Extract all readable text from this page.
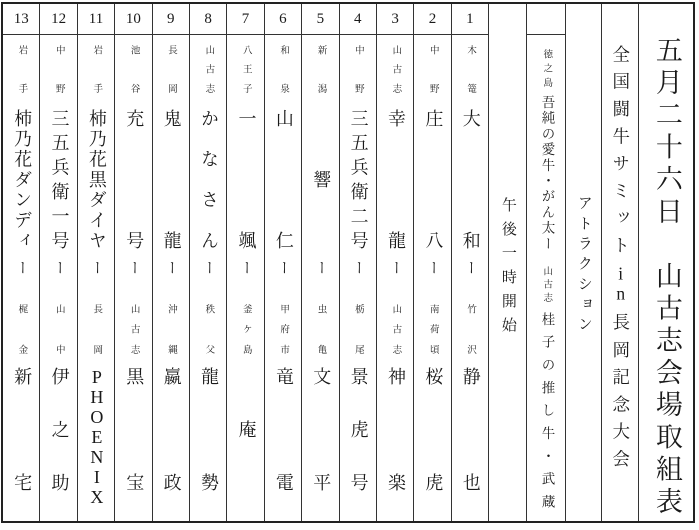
13
岩手
柿乃花ダンディ
ー
梶金
新宅
12
中野
三五兵衛一号
ー
山中
伊之助
11
岩手
柿乃花黒ダイヤ
ー
長岡
PHOENIX
10
池谷
充号
ー
山古志
黒宝
9
長岡
鬼龍
ー
沖縄
嬴政
8
山古志
かなさん
ー
秩父
龍勢
7
八王子
一颯
ー
釜ケ島
庵
6
和泉
山仁
ー
甲府市
竜電
5
新潟
響
ー
虫亀
文平
4
中野
三五兵衛二号
ー
栃尾
景虎号
3
山古志
幸龍
ー
山古志
神楽
2
中野
庄八
ー
南荷頃
桜虎
1
木篭
大和
ー
竹沢
静也
午後一時開始
徳之島
吾純の愛牛・がん太ー
山古志
桂子の推し牛・武蔵
アトラクション 全国闘牛サミットin長岡記念大会 五月二十六日　山古志会場取組表
